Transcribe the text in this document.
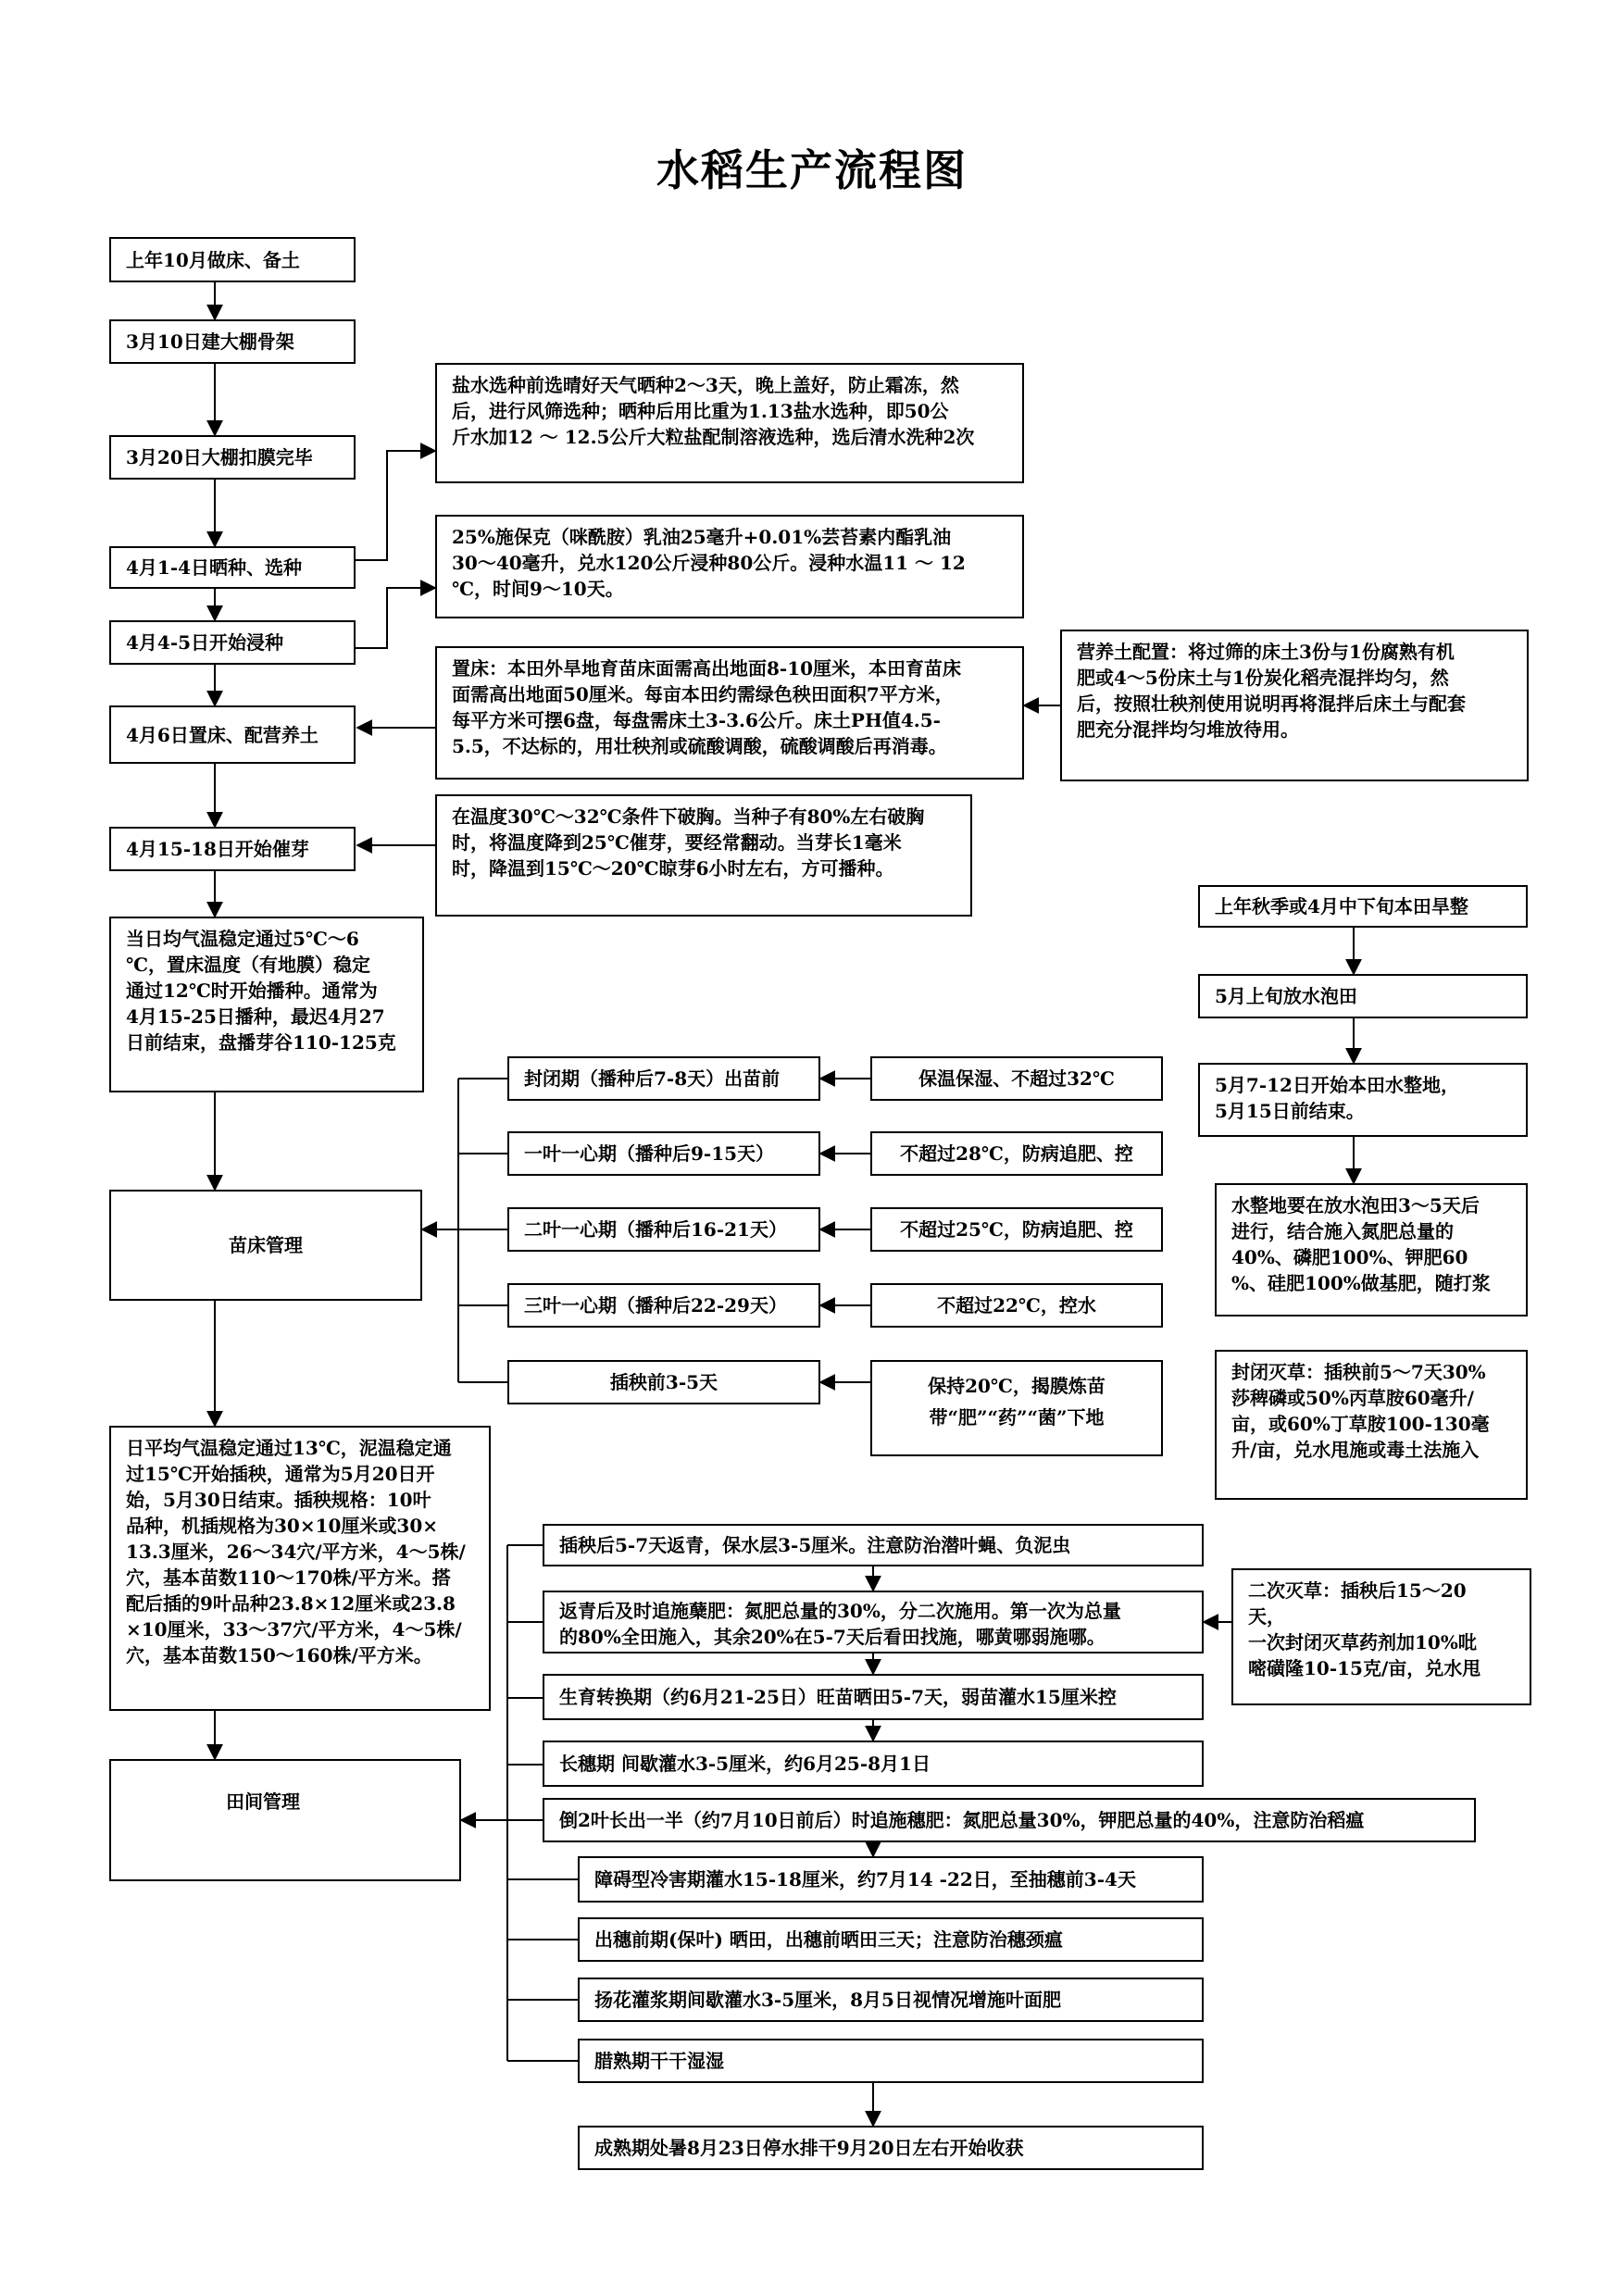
水稻生产流程图
上年10月做床、备土
3月10日建大棚骨架
3月20日大棚扣膜完毕
4月1-4日晒种、选种
4月4-5日开始浸种
4月6日置床、配营养土
4月15-18日开始催芽
当日均气温稳定通过5℃～6
℃，置床温度（有地膜）稳定
通过12℃时开始播种。通常为
4月15-25日播种，最迟4月27
日前结束，盘播芽谷110-125克
苗床管理
日平均气温稳定通过13℃，泥温稳定通
过15℃开始插秧，通常为5月20日开
始，5月30日结束。插秧规格：10叶
品种，机插规格为30×10厘米或30×
13.3厘米，26～34穴/平方米，4～5株/
穴，基本苗数110～170株/平方米。搭
配后插的9叶品种23.8×12厘米或23.8
×10厘米，33～37穴/平方米，4～5株/
穴，基本苗数150～160株/平方米。
田间管理
盐水选种前选晴好天气晒种2～3天，晚上盖好，防止霜冻，然
后，进行风筛选种；晒种后用比重为1.13盐水选种，即50公
斤水加12 ～ 12.5公斤大粒盐配制溶液选种，选后清水洗种2次
25%施保克（咪酰胺）乳油25毫升+0.01%芸苔素内酯乳油
30～40毫升，兑水120公斤浸种80公斤。浸种水温11 ～ 12
℃，时间9～10天。
置床：本田外旱地育苗床面需高出地面8-10厘米，本田育苗床
面需高出地面50厘米。每亩本田约需绿色秧田面积7平方米，
每平方米可摆6盘，每盘需床土3-3.6公斤。床土PH值4.5-
5.5，不达标的，用壮秧剂或硫酸调酸，硫酸调酸后再消毒。
营养土配置：将过筛的床土3份与1份腐熟有机
肥或4～5份床土与1份炭化稻壳混拌均匀，然
后，按照壮秧剂使用说明再将混拌后床土与配套
肥充分混拌均匀堆放待用。
在温度30℃～32℃条件下破胸。当种子有80%左右破胸
时，将温度降到25℃催芽，要经常翻动。当芽长1毫米
时，降温到15℃～20℃晾芽6小时左右，方可播种。
封闭期（播种后7-8天）出苗前
一叶一心期（播种后9-15天）
二叶一心期（播种后16-21天）
三叶一心期（播种后22-29天）
插秧前3-5天
保温保湿、不超过32℃
不超过28℃，防病追肥、控
不超过25℃，防病追肥、控
不超过22℃，控水
保持20℃，揭膜炼苗
带“肥”“药”“菌”下地
上年秋季或4月中下旬本田旱整
5月上旬放水泡田
5月7-12日开始本田水整地，
5月15日前结束。
水整地要在放水泡田3～5天后
进行，结合施入氮肥总量的
40%、磷肥100%、钾肥60
%、硅肥100%做基肥，随打浆
封闭灭草：插秧前5～7天30%
莎稗磷或50%丙草胺60毫升/
亩，或60%丁草胺100-130毫
升/亩，兑水甩施或毒土法施入
插秧后5-7天返青，保水层3-5厘米。注意防治潜叶蝇、负泥虫
返青后及时追施蘖肥：氮肥总量的30%，分二次施用。第一次为总量
的80%全田施入，其余20%在5-7天后看田找施，哪黄哪弱施哪。
生育转换期（约6月21-25日）旺苗晒田5-7天，弱苗灌水15厘米控
长穗期 间歇灌水3-5厘米，约6月25-8月1日
倒2叶长出一半（约7月10日前后）时追施穗肥：氮肥总量30%，钾肥总量的40%，注意防治稻瘟
障碍型冷害期灌水15-18厘米，约7月14 -22日，至抽穗前3-4天
出穗前期(保叶) 晒田，出穗前晒田三天；注意防治穗颈瘟
扬花灌浆期间歇灌水3-5厘米，8月5日视情况增施叶面肥
腊熟期干干湿湿
成熟期处暑8月23日停水排干9月20日左右开始收获
二次灭草：插秧后15～20
天，
一次封闭灭草药剂加10%吡
嘧磺隆10-15克/亩，兑水甩
